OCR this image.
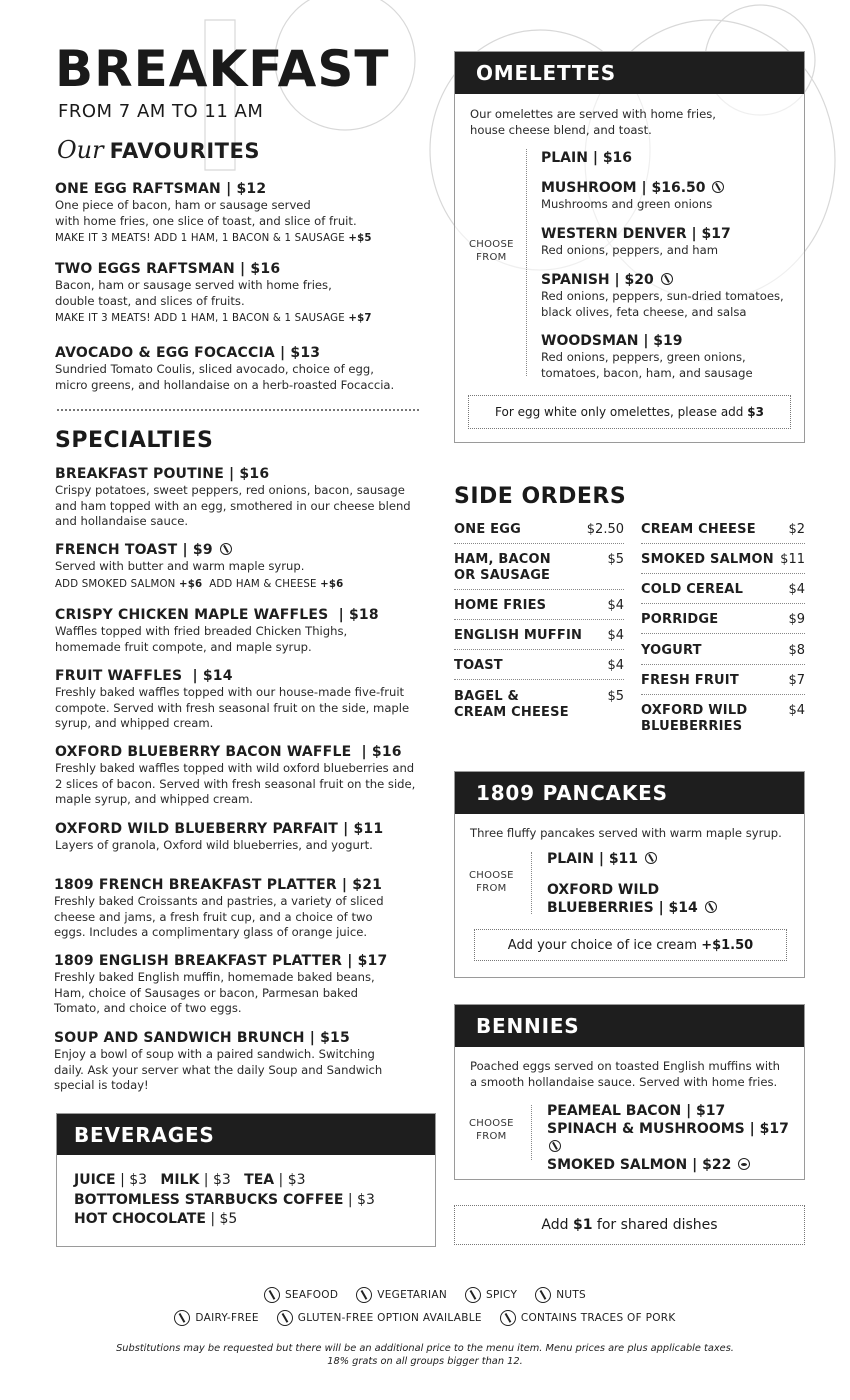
BREAKFAST
FROM 7 AM TO 11 AM
Our FAVOURITES
ONE EGG RAFTSMAN | $12
One piece of bacon, ham or sausage served
with home fries, one slice of toast, and slice of fruit.
MAKE IT 3 MEATS! ADD 1 HAM, 1 BACON & 1 SAUSAGE +$5
TWO EGGS RAFTSMAN | $16
Bacon, ham or sausage served with home fries,
double toast, and slices of fruits.
MAKE IT 3 MEATS! ADD 1 HAM, 1 BACON & 1 SAUSAGE +$7
AVOCADO & EGG FOCACCIA | $13
Sundried Tomato Coulis, sliced avocado, choice of egg,
micro greens, and hollandaise on a herb-roasted Focaccia.
SPECIALTIES
BREAKFAST POUTINE | $16
Crispy potatoes, sweet peppers, red onions, bacon, sausage
and ham topped with an egg, smothered in our cheese blend
and hollandaise sauce.
FRENCH TOAST | $9
Served with butter and warm maple syrup.
ADD SMOKED SALMON +$6 ADD HAM & CHEESE +$6
CRISPY CHICKEN MAPLE WAFFLES | $18
Waffles topped with fried breaded Chicken Thighs,
homemade fruit compote, and maple syrup.
FRUIT WAFFLES | $14
Freshly baked waffles topped with our house-made five-fruit
compote. Served with fresh seasonal fruit on the side, maple
syrup, and whipped cream.
OXFORD BLUEBERRY BACON WAFFLE | $16
Freshly baked waffles topped with wild oxford blueberries and
2 slices of bacon. Served with fresh seasonal fruit on the side,
maple syrup, and whipped cream.
OXFORD WILD BLUEBERRY PARFAIT | $11
Layers of granola, Oxford wild blueberries, and yogurt.
1809 FRENCH BREAKFAST PLATTER | $21
Freshly baked Croissants and pastries, a variety of sliced
cheese and jams, a fresh fruit cup, and a choice of two
eggs. Includes a complimentary glass of orange juice.
1809 ENGLISH BREAKFAST PLATTER | $17
Freshly baked English muffin, homemade baked beans,
Ham, choice of Sausages or bacon, Parmesan baked
Tomato, and choice of two eggs.
SOUP AND SANDWICH BRUNCH | $15
Enjoy a bowl of soup with a paired sandwich. Switching
daily. Ask your server what the daily Soup and Sandwich
special is today!
BEVERAGES
JUICE | $3 MILK | $3 TEA | $3
BOTTOMLESS STARBUCKS COFFEE | $3
HOT CHOCOLATE | $5
OMELETTES
Our omelettes are served with home fries,
house cheese blend, and toast.
CHOOSE
FROM
PLAIN | $16
MUSHROOM | $16.50
Mushrooms and green onions
WESTERN DENVER | $17
Red onions, peppers, and ham
SPANISH | $20
Red onions, peppers, sun-dried tomatoes,
black olives, feta cheese, and salsa
WOODSMAN | $19
Red onions, peppers, green onions,
tomatoes, bacon, ham, and sausage
For egg white only omelettes, please add
$3
SIDE ORDERS
ONE EGG	$2.50
HAM, BACON
OR SAUSAGE
$5
HOME FRIES	$4
ENGLISH MUFFIN $4
TOAST	$4
BAGEL &
CREAM CHEESE
$5
CREAM CHEESE	$2
SMOKED SALMON $11
COLD CEREAL	$4
PORRIDGE	$9
YOGURT	$8
FRESH FRUIT	$7
OXFORD WILD
BLUEBERRIES
$4
1809 PANCAKES
Three fluffy pancakes served with warm maple syrup.
CHOOSE
FROM
PLAIN | $11
OXFORD WILD
BLUEBERRIES | $14
Add your choice of ice cream
+$1.50
BENNIES
Poached eggs served on toasted English muffins with
a smooth hollandaise sauce. Served with home fries.
CHOOSE
FROM
PEAMEAL BACON | $17
SPINACH & MUSHROOMS | $17
SMOKED SALMON | $22
Add
$1
for shared dishes
SEAFOOD	VEGETARIAN	SPICY	NUTS
DAIRY-FREE	GLUTEN-FREE OPTION AVAILABLE	CONTAINS TRACES OF PORK
Substitutions may be requested but there will be an additional price to the menu item. Menu prices are plus applicable taxes.
18% grats on all groups bigger than 12.
